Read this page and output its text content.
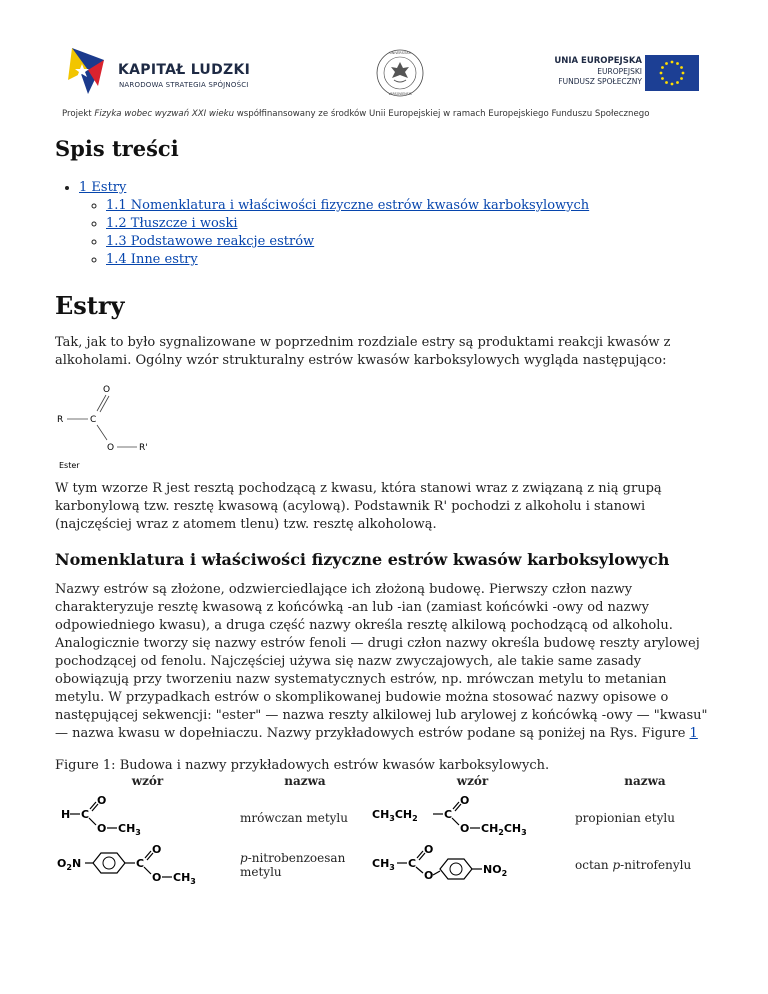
KAPITAŁ LUDZKI
NARODOWA STRATEGIA SPÓJNOŚCI
UNIVERSITAS
VARSOVIENSIS
UNIA EUROPEJSKA
EUROPEJSKI
FUNDUSZ SPOŁECZNY
Projekt Fizyka wobec wyzwań XXI wieku współfinansowany ze środków Unii Europejskiej w ramach Europejskiego Funduszu Społecznego
Spis treści
• 1 Estry
◦ 1.1 Nomenklatura i właściwości fizyczne estrów kwasów karboksylowych
◦ 1.2 Tłuszcze i woski
◦ 1.3 Podstawowe reakcje estrów
◦ 1.4 Inne estry
Estry

Tak, jak to było sygnalizowane w poprzednim rozdziale estry są produktami reakcji kwasów z alkoholami. Ogólny wzór strukturalny estrów kwasów karboksylowych wygląda następująco:

O
R	C
O	R'
Ester

W tym wzorze R jest resztą pochodzącą z kwasu, która stanowi wraz z związaną z nią grupą karbonylową tzw. resztę kwasową (acylową). Podstawnik R' pochodzi z alkoholu i stanowi (najczęściej wraz z atomem tlenu) tzw. resztę alkoholową.

Nomenklatura i właściwości fizyczne estrów kwasów karboksylowych

Nazwy estrów są złożone, odzwierciedlające ich złożoną budowę. Pierwszy człon nazwy charakteryzuje resztę kwasową z końcówką -an lub -ian (zamiast końcówki -owy od nazwy odpowiedniego kwasu), a druga część nazwy określa resztę alkilową pochodzącą od alkoholu. Analogicznie tworzy się nazwy estrów fenoli — drugi człon nazwy określa budowę reszty arylowej pochodzącej od fenolu. Najczęściej używa się nazw zwyczajowych, ale takie same zasady obowiązują przy tworzeniu nazw systematycznych estrów, np. mrówczan metylu to metanian metylu. W przypadkach estrów o skomplikowanej budowie można stosować nazwy opisowe o następującej sekwencji: "ester" — nazwa reszty alkilowej lub arylowej z końcówką -owy — "kwasu" — nazwa kwasu w dopełniaczu. Nazwy przykładowych estrów podane są poniżej na Rys. Figure 1

Figure 1: Budowa i nazwy przykładowych estrów kwasów karboksylowych.
wzór	nazwa	wzór	nazwa

H C
O
O $CH_3$	mrówczan metylu	$CH_3CH_2$ C
O
O $CH_2CH_3$	propionian etylu

$O_2N$ C
O
O $CH_3$	p-nitrobenzoesan metylu	$CH_3$ C
O
O $NO_2$	octan p-nitrofenylu
